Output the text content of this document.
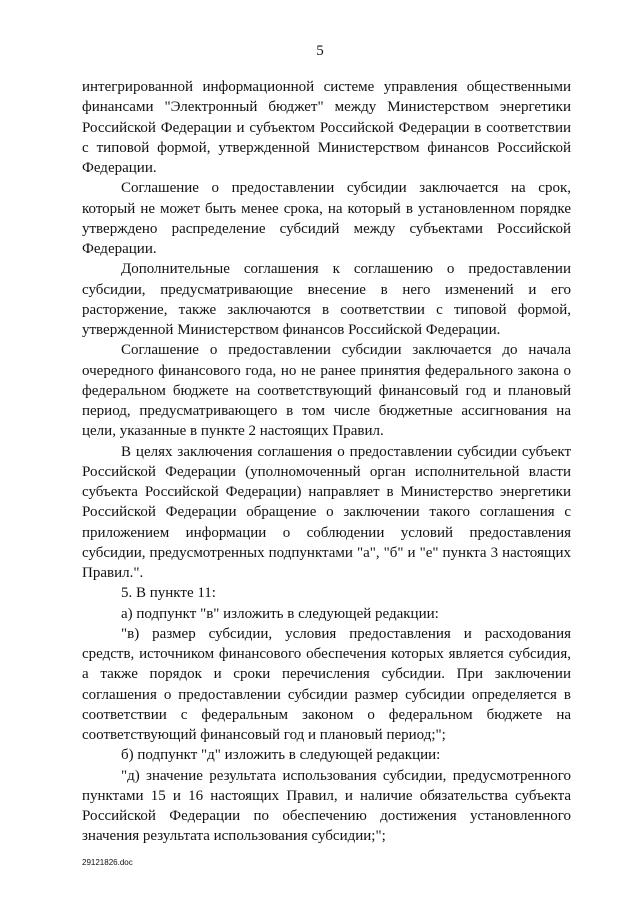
5

интегрированной информационной системе управления общественными финансами "Электронный бюджет" между Министерством энергетики Российской Федерации и субъектом Российской Федерации в соответствии с типовой формой, утвержденной Министерством финансов Российской Федерации.

Соглашение о предоставлении субсидии заключается на срок, который не может быть менее срока, на который в установленном порядке утверждено распределение субсидий между субъектами Российской Федерации.

Дополнительные соглашения к соглашению о предоставлении субсидии, предусматривающие внесение в него изменений и его расторжение, также заключаются в соответствии с типовой формой, утвержденной Министерством финансов Российской Федерации.

Соглашение о предоставлении субсидии заключается до начала очередного финансового года, но не ранее принятия федерального закона о федеральном бюджете на соответствующий финансовый год и плановый период, предусматривающего в том числе бюджетные ассигнования на цели, указанные в пункте 2 настоящих Правил.

В целях заключения соглашения о предоставлении субсидии субъект Российской Федерации (уполномоченный орган исполнительной власти субъекта Российской Федерации) направляет в Министерство энергетики Российской Федерации обращение о заключении такого соглашения с приложением информации о соблюдении условий предоставления субсидии, предусмотренных подпунктами "а", "б" и "е" пункта 3 настоящих Правил.".

5. В пункте 11:

а) подпункт "в" изложить в следующей редакции:

"в) размер субсидии, условия предоставления и расходования средств, источником финансового обеспечения которых является субсидия, а также порядок и сроки перечисления субсидии. При заключении соглашения о предоставлении субсидии размер субсидии определяется в соответствии с федеральным законом о федеральном бюджете на соответствующий финансовый год и плановый период;";

б) подпункт "д" изложить в следующей редакции:

"д) значение результата использования субсидии, предусмотренного пунктами 15 и 16 настоящих Правил, и наличие обязательства субъекта Российской Федерации по обеспечению достижения установленного значения результата использования субсидии;";

29121826.doc
